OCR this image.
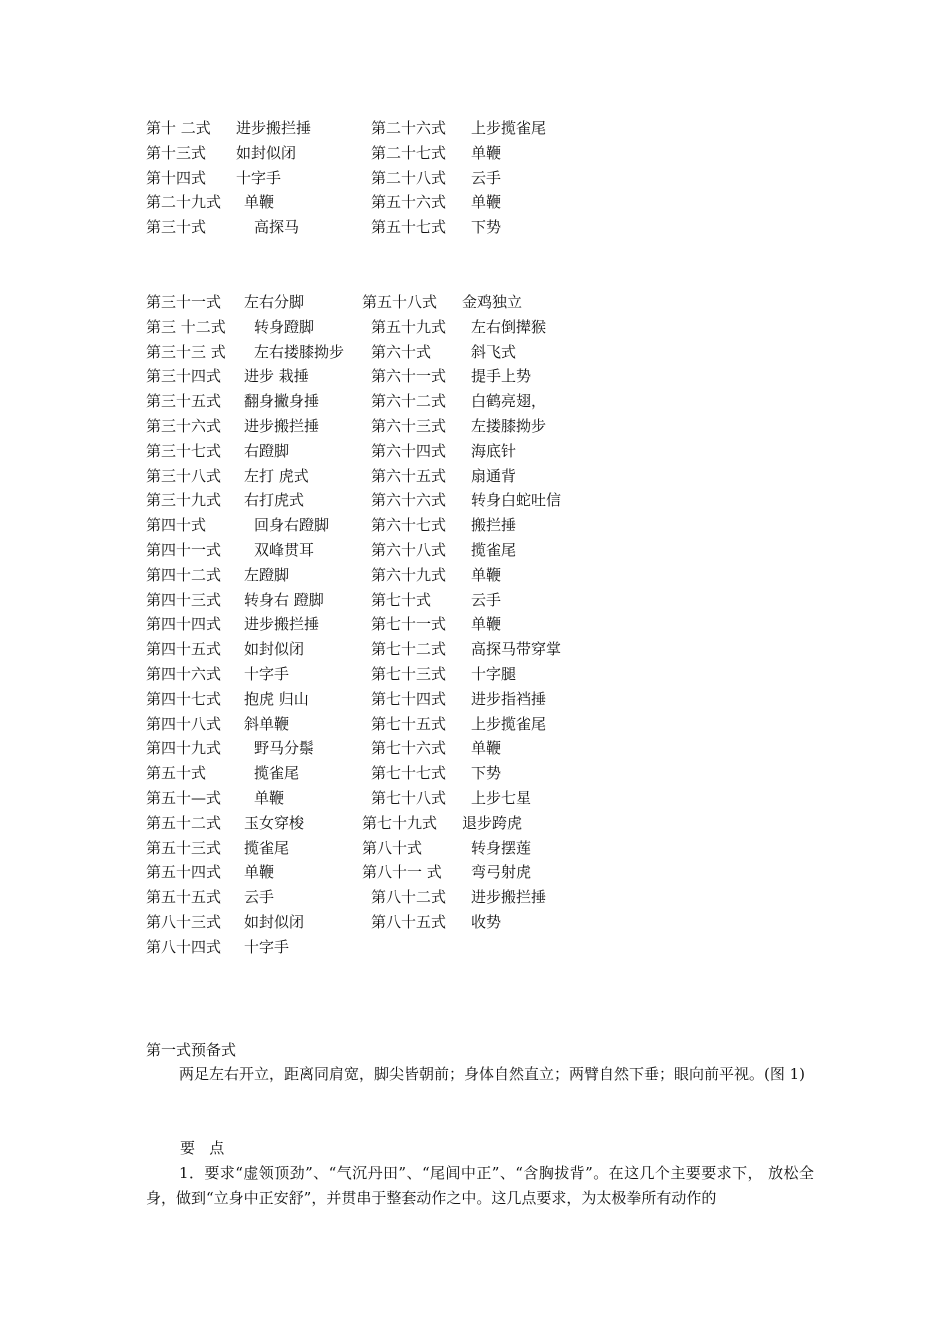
第十 二式 进步搬拦捶	第二十六式 上步揽雀尾
第十三式 如封似闭	第二十七式 单鞭
第十四式 十字手	第二十八式 云手
第二十九式 单鞭	第五十六式 单鞭
第三十式	高探马	第五十七式 下势
第三十一式 左右分脚	第五十八式 金鸡独立
第三 十二式 转身蹬脚	第五十九式 左右倒撵猴
第三十三 式 左右搂膝拗步 第六十式	斜飞式
第三十四式 进步 栽捶	第六十一式 提手上势
第三十五式 翻身撇身捶	第六十二式 白鹤亮翅，
第三十六式 进步搬拦捶	第六十三式 左搂膝拗步
第三十七式 右蹬脚	第六十四式 海底针
第三十八式 左打 虎式	第六十五式 扇通背
第三十九式 右打虎式	第六十六式 转身白蛇吐信
第四十式	回身右蹬脚	第六十七式 搬拦捶
第四十一式 双峰贯耳	第六十八式 揽雀尾
第四十二式 左蹬脚	第六十九式 单鞭
第四十三式 转身右 蹬脚	第七十式	云手
第四十四式 进步搬拦捶	第七十一式 单鞭
第四十五式 如封似闭	第七十二式 高探马带穿掌
第四十六式 十字手	第七十三式 十字腿
第四十七式 抱虎 归山	第七十四式 进步指裆捶
第四十八式 斜单鞭	第七十五式 上步揽雀尾
第四十九式 野马分鬃	第七十六式 单鞭
第五十式	揽雀尾	第七十七式 下势
第五十—式 单鞭	第七十八式 上步七星
第五十二式 玉女穿梭	第七十九式 退步跨虎
第五十三式 揽雀尾	第八十式	转身摆莲
第五十四式 单鞭	第八十一 式 弯弓射虎
第五十五式 云手	第八十二式 进步搬拦捶
第八十三式 如封似闭	第八十五式 收势
第八十四式 十字手
第一式预备式
两足左右开立，距离同肩宽，脚尖皆朝前；身体自然直立；两臂自然下垂；眼向前平视。(图 1)
要   点
1．要求“虚领顶劲”、“气沉丹田”、“尾闾中正”、“含胸拔背”。在这几个主要要求下， 放松全身，做到“立身中正安舒”，并贯串于整套动作之中。这几点要求，为太极拳所有动作的
